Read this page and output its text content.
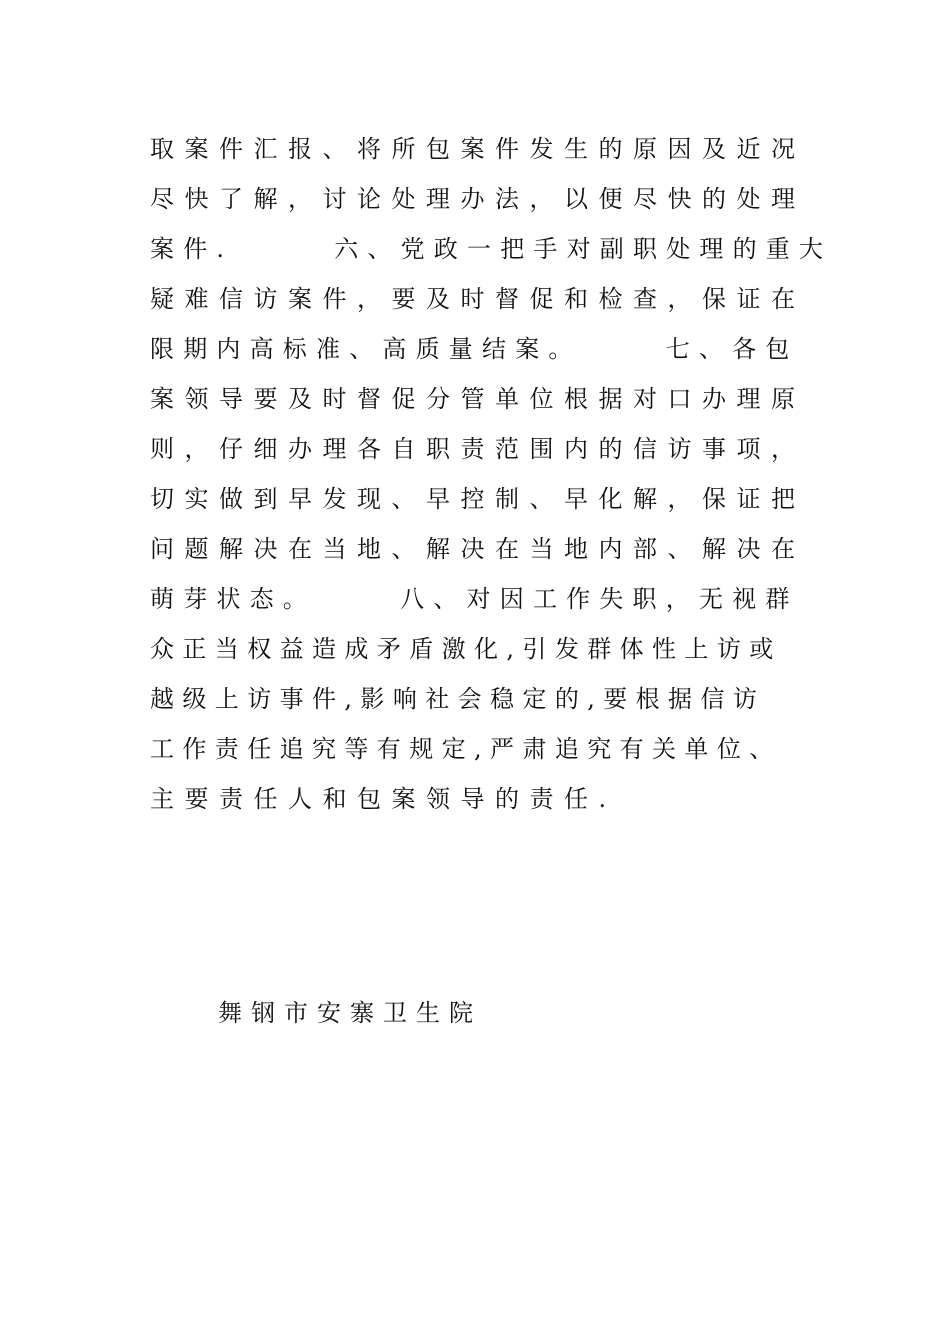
取案件汇报、将所包案件发生的原因及近况
尽快了解，讨论处理办法，以便尽快的处理
案件.      六、党政一把手对副职处理的重大
疑难信访案件，要及时督促和检查，保证在
限期内高标准、高质量结案。     七、各包
案领导要及时督促分管单位根据对口办理原
则，仔细办理各自职责范围内的信访事项，
切实做到早发现、早控制、早化解，保证把
问题解决在当地、解决在当地内部、解决在
萌芽状态。     八、对因工作失职，无视群
众正当权益造成矛盾激化,引发群体性上访或
越级上访事件,影响社会稳定的,要根据信访
工作责任追究等有规定,严肃追究有关单位、
主要责任人和包案领导的责任.
舞钢市安寨卫生院
